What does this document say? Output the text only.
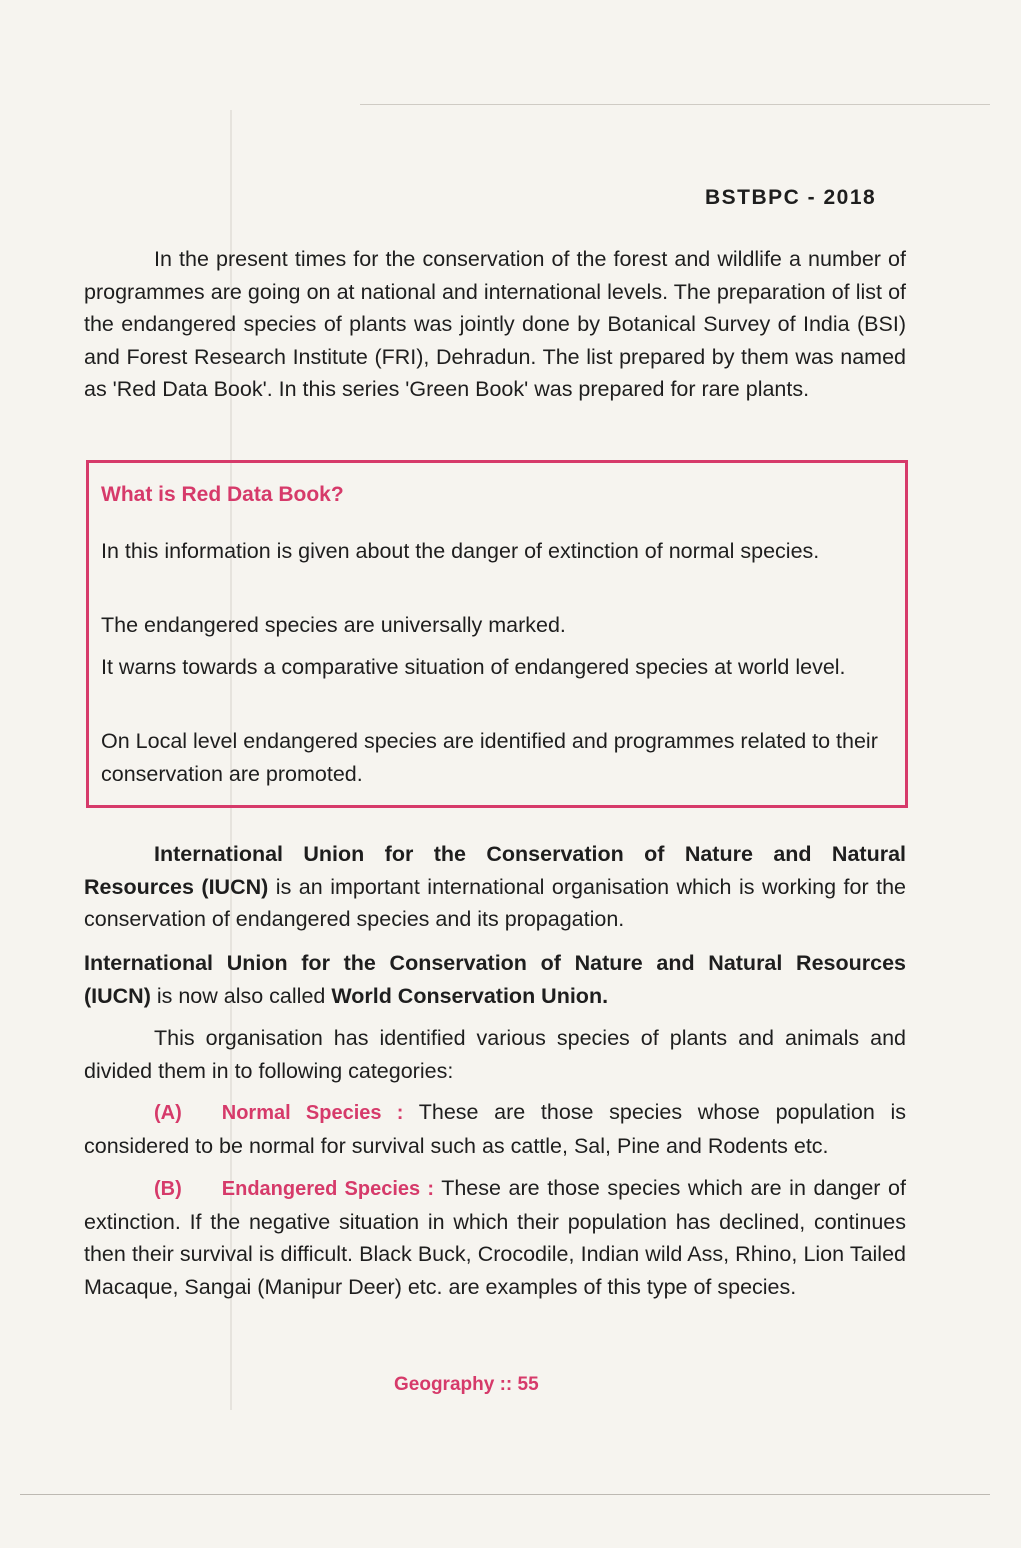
BSTBPC - 2018

In the present times for the conservation of the forest and wildlife a number of programmes are going on at national and international levels. The preparation of list of the endangered species of plants was jointly done by Botanical Survey of India (BSI) and Forest Research Institute (FRI), Dehradun. The list prepared by them was named as 'Red Data Book'. In this series 'Green Book' was prepared for rare plants.

What is Red Data Book?

In this information is given about the danger of extinction of normal species.

The endangered species are universally marked.

It warns towards a comparative situation of endangered species at world level.

On Local level endangered species are identified and programmes related to their conservation are promoted.

International Union for the Conservation of Nature and Natural Resources (IUCN) is an important international organisation which is working for the conservation of endangered species and its propagation.

International Union for the Conservation of Nature and Natural Resources (IUCN) is now also called World Conservation Union.

This organisation has identified various species of plants and animals and divided them in to following categories:

(A) Normal Species : These are those species whose population is considered to be normal for survival such as cattle, Sal, Pine and Rodents etc.

(B) Endangered Species : These are those species which are in danger of extinction. If the negative situation in which their population has declined, continues then their survival is difficult. Black Buck, Crocodile, Indian wild Ass, Rhino, Lion Tailed Macaque, Sangai (Manipur Deer) etc. are examples of this type of species.

Geography :: 55
